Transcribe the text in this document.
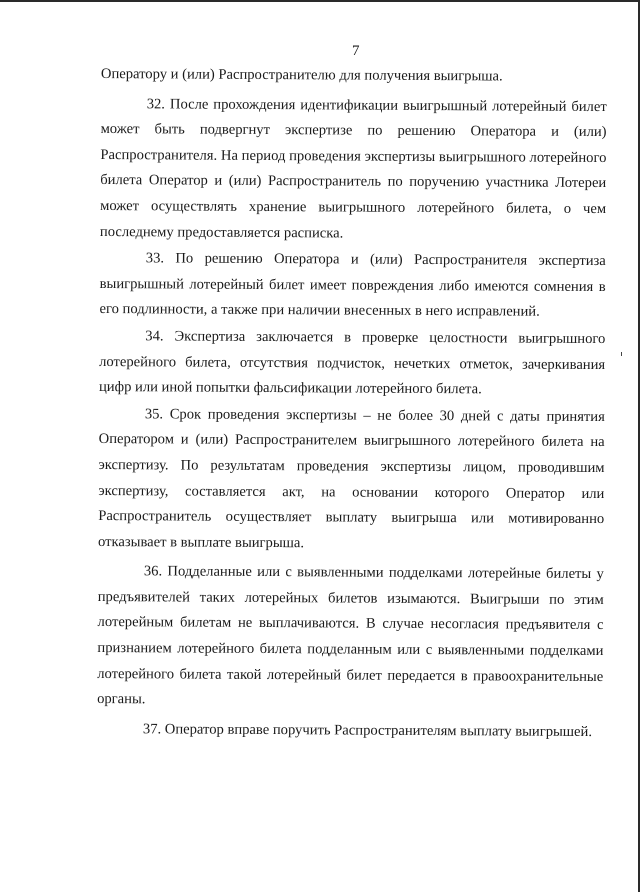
7

Оператору и (или) Распространителю для получения выигрыша.

32. После прохождения идентификации выигрышный лотерейный билет может быть подвергнут экспертизе по решению Оператора и (или) Распространителя. На период проведения экспертизы выигрышного лотерейного билета Оператор и (или) Распространитель по поручению участника Лотереи может осуществлять хранение выигрышного лотерейного билета, о чем последнему предоставляется расписка.

33. По решению Оператора и (или) Распространителя экспертиза выигрышный лотерейный билет имеет повреждения либо имеются сомнения в его подлинности, а также при наличии внесенных в него исправлений.

34. Экспертиза заключается в проверке целостности выигрышного лотерейного билета, отсутствия подчисток, нечетких отметок, зачеркивания цифр или иной попытки фальсификации лотерейного билета.

35. Срок проведения экспертизы – не более 30 дней с даты принятия Оператором и (или) Распространителем выигрышного лотерейного билета на экспертизу. По результатам проведения экспертизы лицом, проводившим экспертизу, составляется акт, на основании которого Оператор или Распространитель осуществляет выплату выигрыша или мотивированно отказывает в выплате выигрыша.

36. Подделанные или с выявленными подделками лотерейные билеты у предъявителей таких лотерейных билетов изымаются. Выигрыши по этим лотерейным билетам не выплачиваются. В случае несогласия предъявителя с признанием лотерейного билета подделанным или с выявленными подделками лотерейного билета такой лотерейный билет передается в правоохранительные органы.

37. Оператор вправе поручить Распространителям выплату выигрышей.
